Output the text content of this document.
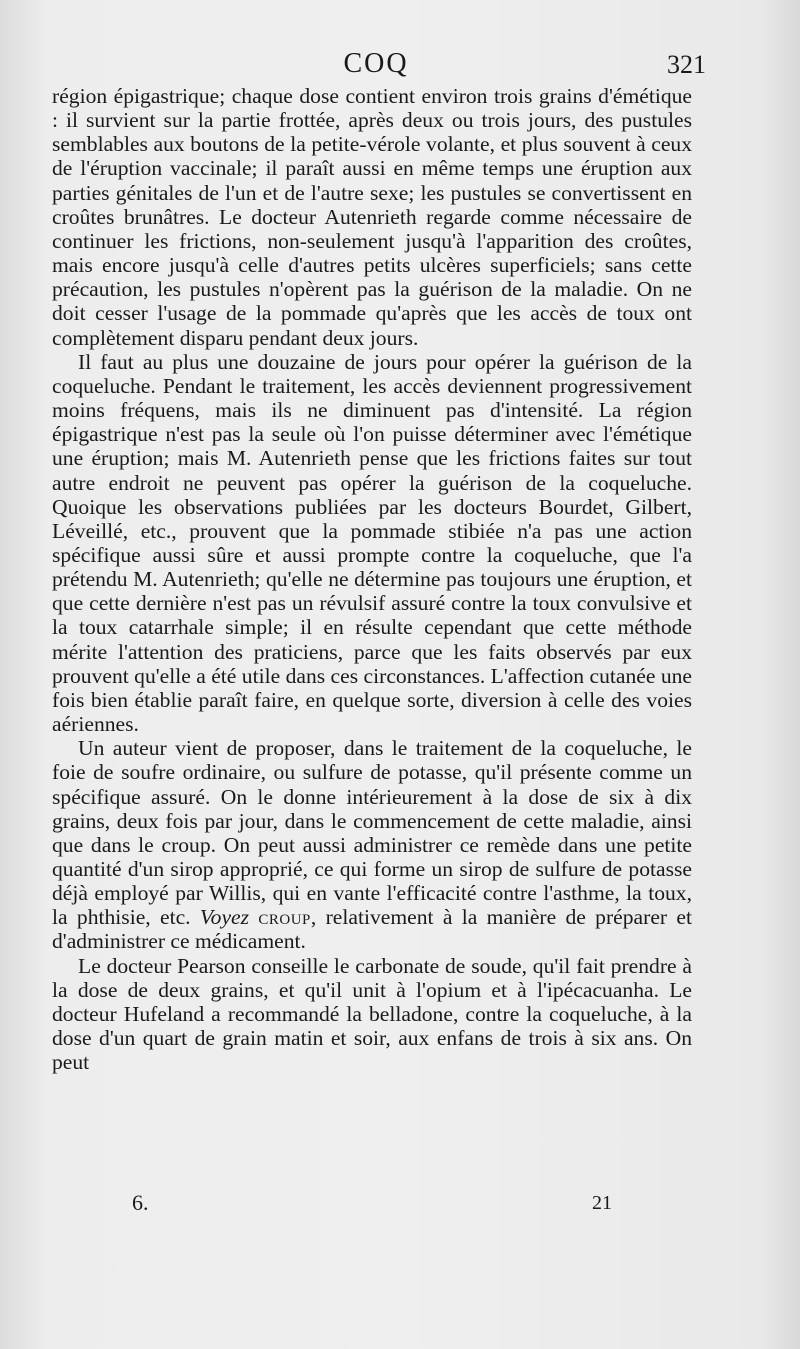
COQ	321

région épigastrique; chaque dose contient environ trois grains d'émétique : il survient sur la partie frottée, après deux ou trois jours, des pustules semblables aux boutons de la petite-vérole volante, et plus souvent à ceux de l'éruption vaccinale; il paraît aussi en même temps une éruption aux parties génitales de l'un et de l'autre sexe; les pustules se convertissent en croûtes brunâtres. Le docteur Autenrieth regarde comme nécessaire de continuer les frictions, non-seulement jusqu'à l'apparition des croûtes, mais encore jusqu'à celle d'autres petits ulcères superficiels; sans cette précaution, les pustules n'opèrent pas la guérison de la maladie. On ne doit cesser l'usage de la pommade qu'après que les accès de toux ont complètement disparu pendant deux jours.

Il faut au plus une douzaine de jours pour opérer la guérison de la coqueluche. Pendant le traitement, les accès deviennent progressivement moins fréquens, mais ils ne diminuent pas d'intensité. La région épigastrique n'est pas la seule où l'on puisse déterminer avec l'émétique une éruption; mais M. Autenrieth pense que les frictions faites sur tout autre endroit ne peuvent pas opérer la guérison de la coqueluche. Quoique les observations publiées par les docteurs Bourdet, Gilbert, Léveillé, etc., prouvent que la pommade stibiée n'a pas une action spécifique aussi sûre et aussi prompte contre la coqueluche, que l'a prétendu M. Autenrieth; qu'elle ne détermine pas toujours une éruption, et que cette dernière n'est pas un révulsif assuré contre la toux convulsive et la toux catarrhale simple; il en résulte cependant que cette méthode mérite l'attention des praticiens, parce que les faits observés par eux prouvent qu'elle a été utile dans ces circonstances. L'affection cutanée une fois bien établie paraît faire, en quelque sorte, diversion à celle des voies aériennes.

Un auteur vient de proposer, dans le traitement de la coqueluche, le foie de soufre ordinaire, ou sulfure de potasse, qu'il présente comme un spécifique assuré. On le donne intérieurement à la dose de six à dix grains, deux fois par jour, dans le commencement de cette maladie, ainsi que dans le croup. On peut aussi administrer ce remède dans une petite quantité d'un sirop approprié, ce qui forme un sirop de sulfure de potasse déjà employé par Willis, qui en vante l'efficacité contre l'asthme, la toux, la phthisie, etc. Voyez croup, relativement à la manière de préparer et d'administrer ce médicament.

Le docteur Pearson conseille le carbonate de soude, qu'il fait prendre à la dose de deux grains, et qu'il unit à l'opium et à l'ipécacuanha. Le docteur Hufeland a recommandé la belladone, contre la coqueluche, à la dose d'un quart de grain matin et soir, aux enfans de trois à six ans. On peut

6.	21
